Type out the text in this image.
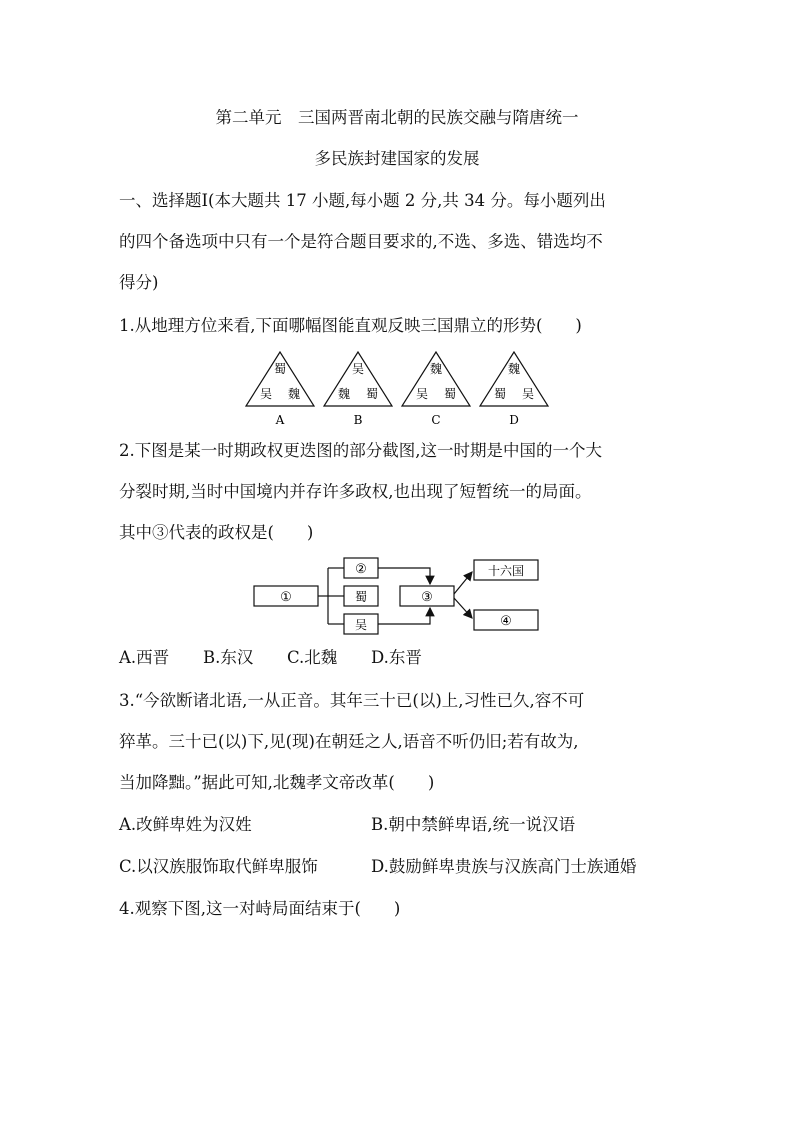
第二单元　三国两晋南北朝的民族交融与隋唐统一
多民族封建国家的发展
一、选择题Ⅰ(本大题共 17 小题,每小题 2 分,共 34 分。每小题列出
的四个备选项中只有一个是符合题目要求的,不选、多选、错选均不
得分)
1.从地理方位来看,下面哪幅图能直观反映三国鼎立的形势(　　)
蜀
吴 魏
A
吴
魏 蜀
B
魏
吴 蜀
C
魏
蜀 吴
D
2.下图是某一时期政权更迭图的部分截图,这一时期是中国的一个大
分裂时期,当时中国境内并存许多政权,也出现了短暂统一的局面。
其中③代表的政权是(　　)
①
②
蜀
吴
③
十六国
④
A.西晋 B.东汉 C.北魏 D.东晋
3.“今欲断诸北语,一从正音。其年三十已(以)上,习性已久,容不可
猝革。三十已(以)下,见(现)在朝廷之人,语音不听仍旧;若有故为,
当加降黜。”据此可知,北魏孝文帝改革(　　)
A.改鲜卑姓为汉姓	B.朝中禁鲜卑语,统一说汉语
C.以汉族服饰取代鲜卑服饰	D.鼓励鲜卑贵族与汉族高门士族通婚
4.观察下图,这一对峙局面结束于(　　)
